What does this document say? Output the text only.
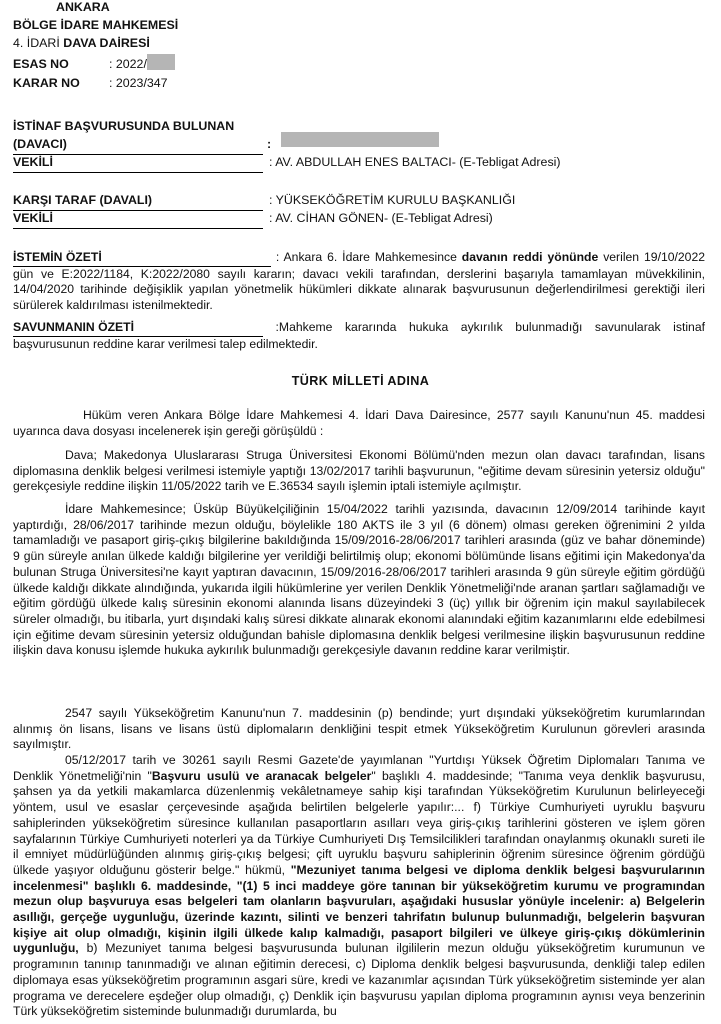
ANKARA
BÖLGE İDARE MAHKEMESİ
4. İDARİ DAVA DAİRESİ
ESAS NO	: 2022/
KARAR NO : 2023/347
İSTİNAF BAŞVURUSUNDA BULUNAN
(DAVACI)	:
VEKİLİ	: AV. ABDULLAH ENES BALTACI- (E-Tebligat Adresi)
KARŞI TARAF (DAVALI)	: YÜKSEKÖĞRETİM KURULU BAŞKANLIĞI
VEKİLİ	: AV. CİHAN GÖNEN- (E-Tebligat Adresi)
İSTEMİN ÖZETİ	: Ankara 6. İdare Mahkemesince davanın reddi yönünde verilen 19/10/2022 gün ve E:2022/1184, K:2022/2080 sayılı kararın; davacı vekili tarafından, derslerini başarıyla tamamlayan müvekkilinin, 14/04/2020 tarihinde değişiklik yapılan yönetmelik hükümleri dikkate alınarak başvurusunun değerlendirilmesi gerektiği ileri sürülerek kaldırılması istenilmektedir.
SAVUNMANIN ÖZETİ	:Mahkeme kararında hukuka aykırılık bulunmadığı savunularak istinaf başvurusunun reddine karar verilmesi talep edilmektedir.
TÜRK MİLLETİ ADINA
Hüküm veren Ankara Bölge İdare Mahkemesi 4. İdari Dava Dairesince, 2577 sayılı Kanunu'nun 45. maddesi uyarınca dava dosyası incelenerek işin gereği görüşüldü :
Dava; Makedonya Uluslararası Struga Üniversitesi Ekonomi Bölümü'nden mezun olan davacı tarafından, lisans diplomasına denklik belgesi verilmesi istemiyle yaptığı 13/02/2017 tarihli başvurunun, "eğitime devam süresinin yetersiz olduğu" gerekçesiyle reddine ilişkin 11/05/2022 tarih ve E.36534 sayılı işlemin iptali istemiyle açılmıştır.
İdare Mahkemesince; Üsküp Büyükelçiliğinin 15/04/2022 tarihli yazısında, davacının 12/09/2014 tarihinde kayıt yaptırdığı, 28/06/2017 tarihinde mezun olduğu, böylelikle 180 AKTS ile 3 yıl (6 dönem) olması gereken öğrenimini 2 yılda tamamladığı ve pasaport giriş-çıkış bilgilerine bakıldığında 15/09/2016-28/06/2017 tarihleri arasında (güz ve bahar döneminde) 9 gün süreyle anılan ülkede kaldığı bilgilerine yer verildiği belirtilmiş olup; ekonomi bölümünde lisans eğitimi için Makedonya'da bulunan Struga Üniversitesi'ne kayıt yaptıran davacının, 15/09/2016-28/06/2017 tarihleri arasında 9 gün süreyle eğitim gördüğü ülkede kaldığı dikkate alındığında, yukarıda ilgili hükümlerine yer verilen Denklik Yönetmeliği'nde aranan şartları sağlamadığı ve eğitim gördüğü ülkede kalış süresinin ekonomi alanında lisans düzeyindeki 3 (üç) yıllık bir öğrenim için makul sayılabilecek süreler olmadığı, bu itibarla, yurt dışındaki kalış süresi dikkate alınarak ekonomi alanındaki eğitim kazanımlarını elde edebilmesi için eğitime devam süresinin yetersiz olduğundan bahisle diplomasına denklik belgesi verilmesine ilişkin başvurusunun reddine ilişkin dava konusu işlemde hukuka aykırılık bulunmadığı gerekçesiyle davanın reddine karar verilmiştir.
2547 sayılı Yükseköğretim Kanunu'nun 7. maddesinin (p) bendinde; yurt dışındaki yükseköğretim kurumlarından alınmış ön lisans, lisans ve lisans üstü diplomaların denkliğini tespit etmek Yükseköğretim Kurulunun görevleri arasında sayılmıştır.
05/12/2017 tarih ve 30261 sayılı Resmi Gazete'de yayımlanan "Yurtdışı Yüksek Öğretim Diplomaları Tanıma ve Denklik Yönetmeliği'nin "Başvuru usulü ve aranacak belgeler" başlıklı 4. maddesinde; "Tanıma veya denklik başvurusu, şahsen ya da yetkili makamlarca düzenlenmiş vekâletnameye sahip kişi tarafından Yükseköğretim Kurulunun belirleyeceği yöntem, usul ve esaslar çerçevesinde aşağıda belirtilen belgelerle yapılır:... f) Türkiye Cumhuriyeti uyruklu başvuru sahiplerinden yükseköğretim süresince kullanılan pasaportların asılları veya giriş-çıkış tarihlerini gösteren ve işlem gören sayfalarının Türkiye Cumhuriyeti noterleri ya da Türkiye Cumhuriyeti Dış Temsilcilikleri tarafından onaylanmış okunaklı sureti ile il emniyet müdürlüğünden alınmış giriş-çıkış belgesi; çift uyruklu başvuru sahiplerinin öğrenim süresince öğrenim gördüğü ülkede yaşıyor olduğunu gösterir belge." hükmü, "Mezuniyet tanıma belgesi ve diploma denklik belgesi başvurularının incelenmesi" başlıklı 6. maddesinde, "(1) 5 inci maddeye göre tanınan bir yükseköğretim kurumu ve programından mezun olup başvuruya esas belgeleri tam olanların başvuruları, aşağıdaki hususlar yönüyle incelenir: a) Belgelerin asıllığı, gerçeğe uygunluğu, üzerinde kazıntı, silinti ve benzeri tahrifatın bulunup bulunmadığı, belgelerin başvuran kişiye ait olup olmadığı, kişinin ilgili ülkede kalıp kalmadığı, pasaport bilgileri ve ülkeye giriş-çıkış dökümlerinin uygunluğu, b) Mezuniyet tanıma belgesi başvurusunda bulunan ilgililerin mezun olduğu yükseköğretim kurumunun ve programının tanınıp tanınmadığı ve alınan eğitimin derecesi, c) Diploma denklik belgesi başvurusunda, denkliği talep edilen diplomaya esas yükseköğretim programının asgari süre, kredi ve kazanımlar açısından Türk yükseköğretim sisteminde yer alan programa ve derecelere eşdeğer olup olmadığı, ç) Denklik için başvurusu yapılan diploma programının aynısı veya benzerinin Türk yükseköğretim sisteminde bulunmadığı durumlarda, bu
